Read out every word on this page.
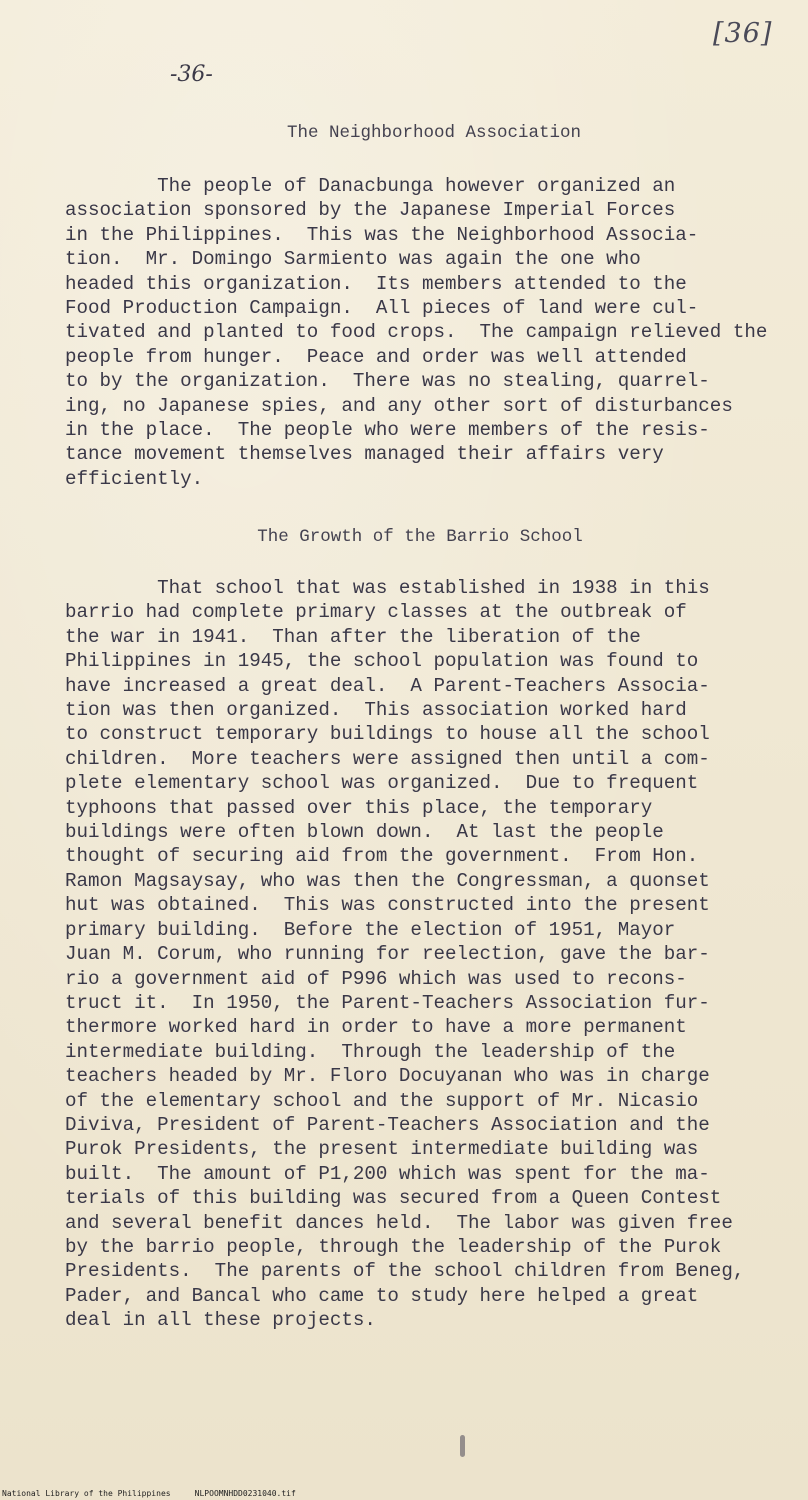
[36]
-36-
The Neighborhood Association

The people of Danacbunga however organized an
association sponsored by the Japanese Imperial Forces
in the Philippines.  This was the Neighborhood Associa-
tion.  Mr. Domingo Sarmiento was again the one who
headed this organization.  Its members attended to the
Food Production Campaign.  All pieces of land were cul-
tivated and planted to food crops.  The campaign relieved the
people from hunger.  Peace and order was well attended
to by the organization.  There was no stealing, quarrel-
ing, no Japanese spies, and any other sort of disturbances
in the place.  The people who were members of the resis-
tance movement themselves managed their affairs very
efficiently.

The Growth of the Barrio School

That school that was established in 1938 in this
barrio had complete primary classes at the outbreak of
the war in 1941.  Than after the liberation of the
Philippines in 1945, the school population was found to
have increased a great deal.  A Parent-Teachers Associa-
tion was then organized.  This association worked hard
to construct temporary buildings to house all the school
children.  More teachers were assigned then until a com-
plete elementary school was organized.  Due to frequent
typhoons that passed over this place, the temporary
buildings were often blown down.  At last the people
thought of securing aid from the government.  From Hon.
Ramon Magsaysay, who was then the Congressman, a quonset
hut was obtained.  This was constructed into the present
primary building.  Before the election of 1951, Mayor
Juan M. Corum, who running for reelection, gave the bar-
rio a government aid of P996 which was used to recons-
truct it.  In 1950, the Parent-Teachers Association fur-
thermore worked hard in order to have a more permanent
intermediate building.  Through the leadership of the
teachers headed by Mr. Floro Docuyanan who was in charge
of the elementary school and the support of Mr. Nicasio
Diviva, President of Parent-Teachers Association and the
Purok Presidents, the present intermediate building was
built.  The amount of P1,200 which was spent for the ma-
terials of this building was secured from a Queen Contest
and several benefit dances held.  The labor was given free
by the barrio people, through the leadership of the Purok
Presidents.  The parents of the school children from Beneg,
Pader, and Bancal who came to study here helped a great
deal in all these projects.

National Library of the Philippines	NLPOOMNHDD0231040.tif
